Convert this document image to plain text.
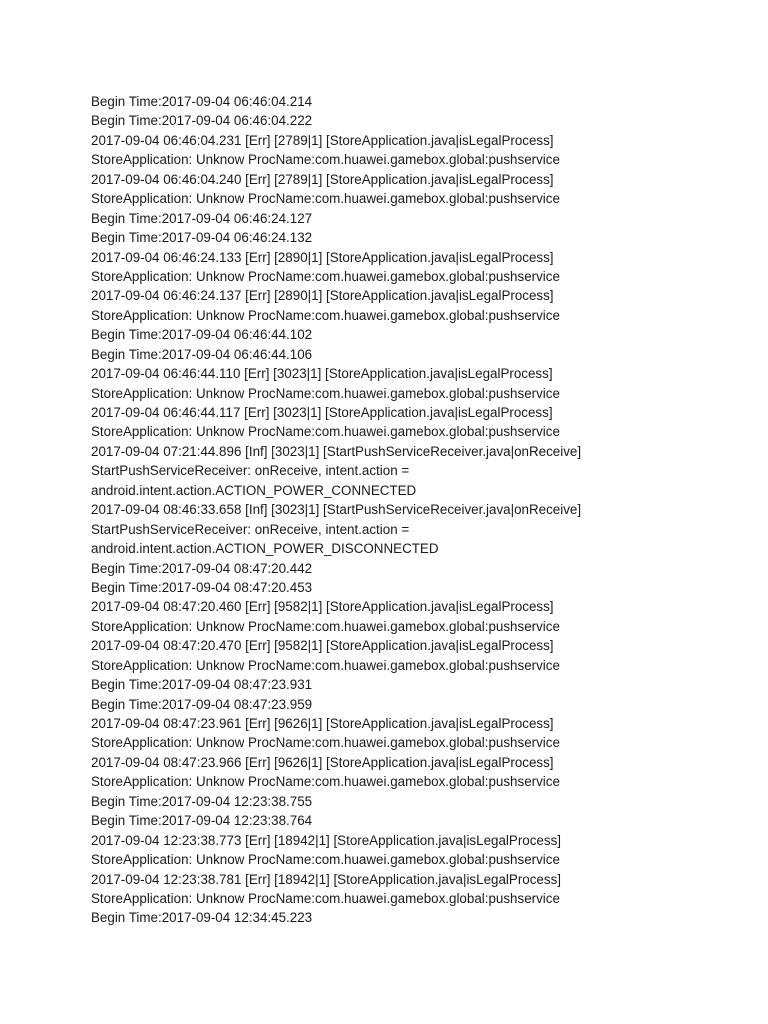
Begin Time:2017-09-04 06:46:04.214
Begin Time:2017-09-04 06:46:04.222
2017-09-04 06:46:04.231 [Err] [2789|1] [StoreApplication.java|isLegalProcess]
StoreApplication: Unknow ProcName:com.huawei.gamebox.global:pushservice
2017-09-04 06:46:04.240 [Err] [2789|1] [StoreApplication.java|isLegalProcess]
StoreApplication: Unknow ProcName:com.huawei.gamebox.global:pushservice
Begin Time:2017-09-04 06:46:24.127
Begin Time:2017-09-04 06:46:24.132
2017-09-04 06:46:24.133 [Err] [2890|1] [StoreApplication.java|isLegalProcess]
StoreApplication: Unknow ProcName:com.huawei.gamebox.global:pushservice
2017-09-04 06:46:24.137 [Err] [2890|1] [StoreApplication.java|isLegalProcess]
StoreApplication: Unknow ProcName:com.huawei.gamebox.global:pushservice
Begin Time:2017-09-04 06:46:44.102
Begin Time:2017-09-04 06:46:44.106
2017-09-04 06:46:44.110 [Err] [3023|1] [StoreApplication.java|isLegalProcess]
StoreApplication: Unknow ProcName:com.huawei.gamebox.global:pushservice
2017-09-04 06:46:44.117 [Err] [3023|1] [StoreApplication.java|isLegalProcess]
StoreApplication: Unknow ProcName:com.huawei.gamebox.global:pushservice
2017-09-04 07:21:44.896 [Inf] [3023|1] [StartPushServiceReceiver.java|onReceive]
StartPushServiceReceiver: onReceive, intent.action =
android.intent.action.ACTION_POWER_CONNECTED
2017-09-04 08:46:33.658 [Inf] [3023|1] [StartPushServiceReceiver.java|onReceive]
StartPushServiceReceiver: onReceive, intent.action =
android.intent.action.ACTION_POWER_DISCONNECTED
Begin Time:2017-09-04 08:47:20.442
Begin Time:2017-09-04 08:47:20.453
2017-09-04 08:47:20.460 [Err] [9582|1] [StoreApplication.java|isLegalProcess]
StoreApplication: Unknow ProcName:com.huawei.gamebox.global:pushservice
2017-09-04 08:47:20.470 [Err] [9582|1] [StoreApplication.java|isLegalProcess]
StoreApplication: Unknow ProcName:com.huawei.gamebox.global:pushservice
Begin Time:2017-09-04 08:47:23.931
Begin Time:2017-09-04 08:47:23.959
2017-09-04 08:47:23.961 [Err] [9626|1] [StoreApplication.java|isLegalProcess]
StoreApplication: Unknow ProcName:com.huawei.gamebox.global:pushservice
2017-09-04 08:47:23.966 [Err] [9626|1] [StoreApplication.java|isLegalProcess]
StoreApplication: Unknow ProcName:com.huawei.gamebox.global:pushservice
Begin Time:2017-09-04 12:23:38.755
Begin Time:2017-09-04 12:23:38.764
2017-09-04 12:23:38.773 [Err] [18942|1] [StoreApplication.java|isLegalProcess]
StoreApplication: Unknow ProcName:com.huawei.gamebox.global:pushservice
2017-09-04 12:23:38.781 [Err] [18942|1] [StoreApplication.java|isLegalProcess]
StoreApplication: Unknow ProcName:com.huawei.gamebox.global:pushservice
Begin Time:2017-09-04 12:34:45.223
